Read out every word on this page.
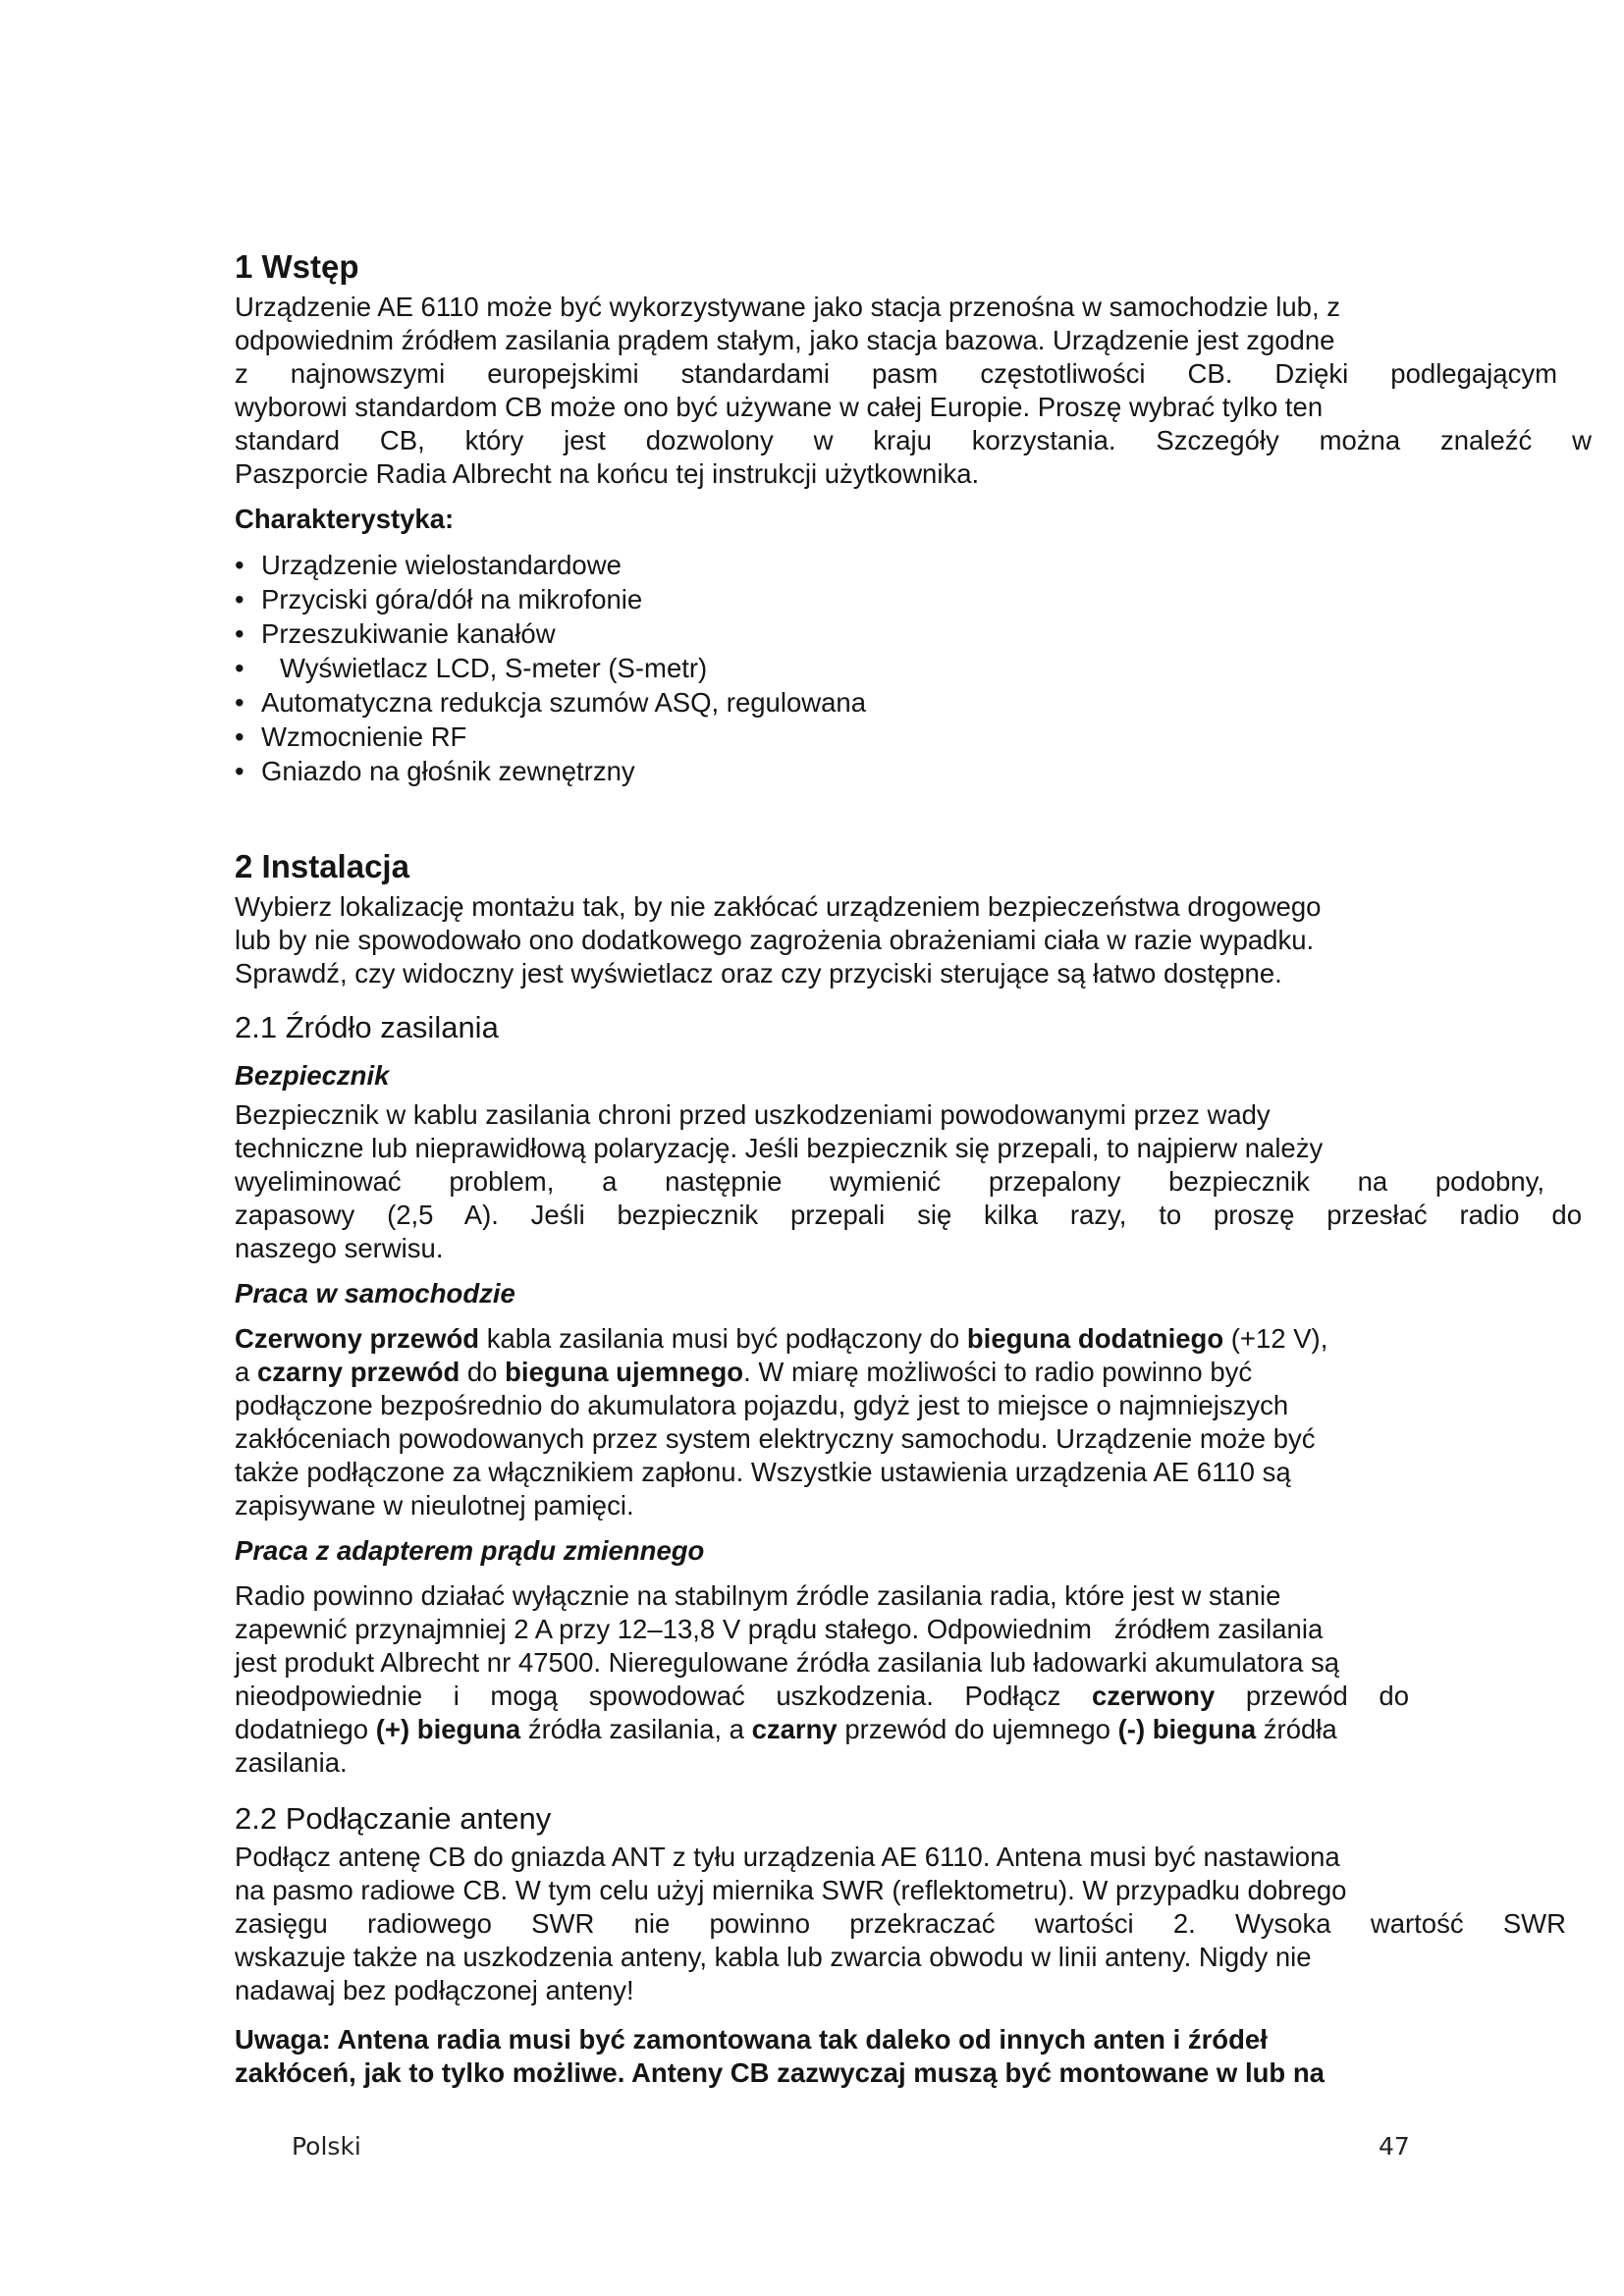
1 Wstęp
Urządzenie AE 6110 może być wykorzystywane jako stacja przenośna w samochodzie lub, z
odpowiednim źródłem zasilania prądem stałym, jako stacja bazowa. Urządzenie jest zgodne
z najnowszymi europejskimi standardami pasm częstotliwości CB. Dzięki podlegającym
wyborowi standardom CB może ono być używane w całej Europie. Proszę wybrać tylko ten
standard CB, który jest dozwolony w kraju korzystania. Szczegóły można znaleźć w
Paszporcie Radia Albrecht na końcu tej instrukcji użytkownika.
Charakterystyka:
• Urządzenie wielostandardowe
• Przyciski góra/dół na mikrofonie
• Przeszukiwanie kanałów
• Wyświetlacz LCD, S-meter (S-metr)
• Automatyczna redukcja szumów ASQ, regulowana
• Wzmocnienie RF
• Gniazdo na głośnik zewnętrzny
2 Instalacja
Wybierz lokalizację montażu tak, by nie zakłócać urządzeniem bezpieczeństwa drogowego
lub by nie spowodowało ono dodatkowego zagrożenia obrażeniami ciała w razie wypadku.
Sprawdź, czy widoczny jest wyświetlacz oraz czy przyciski sterujące są łatwo dostępne.
2.1 Źródło zasilania
Bezpiecznik
Bezpiecznik w kablu zasilania chroni przed uszkodzeniami powodowanymi przez wady
techniczne lub nieprawidłową polaryzację. Jeśli bezpiecznik się przepali, to najpierw należy
wyeliminować problem, a następnie wymienić przepalony bezpiecznik na podobny,
zapasowy (2,5 A). Jeśli bezpiecznik przepali się kilka razy, to proszę przesłać radio do
naszego serwisu.
Praca w samochodzie
Czerwony przewód kabla zasilania musi być podłączony do bieguna dodatniego (+12 V),
a czarny przewód do bieguna ujemnego. W miarę możliwości to radio powinno być
podłączone bezpośrednio do akumulatora pojazdu, gdyż jest to miejsce o najmniejszych
zakłóceniach powodowanych przez system elektryczny samochodu. Urządzenie może być
także podłączone za włącznikiem zapłonu. Wszystkie ustawienia urządzenia AE 6110 są
zapisywane w nieulotnej pamięci.
Praca z adapterem prądu zmiennego
Radio powinno działać wyłącznie na stabilnym źródle zasilania radia, które jest w stanie
zapewnić przynajmniej 2 A przy 12–13,8 V prądu stałego. Odpowiednim   źródłem zasilania
jest produkt Albrecht nr 47500. Nieregulowane źródła zasilania lub ładowarki akumulatora są
nieodpowiednie i mogą spowodować uszkodzenia. Podłącz czerwony przewód do
dodatniego (+) bieguna źródła zasilania, a czarny przewód do ujemnego (-) bieguna źródła
zasilania.
2.2 Podłączanie anteny
Podłącz antenę CB do gniazda ANT z tyłu urządzenia AE 6110. Antena musi być nastawiona
na pasmo radiowe CB. W tym celu użyj miernika SWR (reflektometru). W przypadku dobrego
zasięgu radiowego SWR nie powinno przekraczać wartości 2. Wysoka wartość SWR
wskazuje także na uszkodzenia anteny, kabla lub zwarcia obwodu w linii anteny. Nigdy nie
nadawaj bez podłączonej anteny!
Uwaga: Antena radia musi być zamontowana tak daleko od innych anten i źródeł
zakłóceń, jak to tylko możliwe. Anteny CB zazwyczaj muszą być montowane w lub na
Polski	47
